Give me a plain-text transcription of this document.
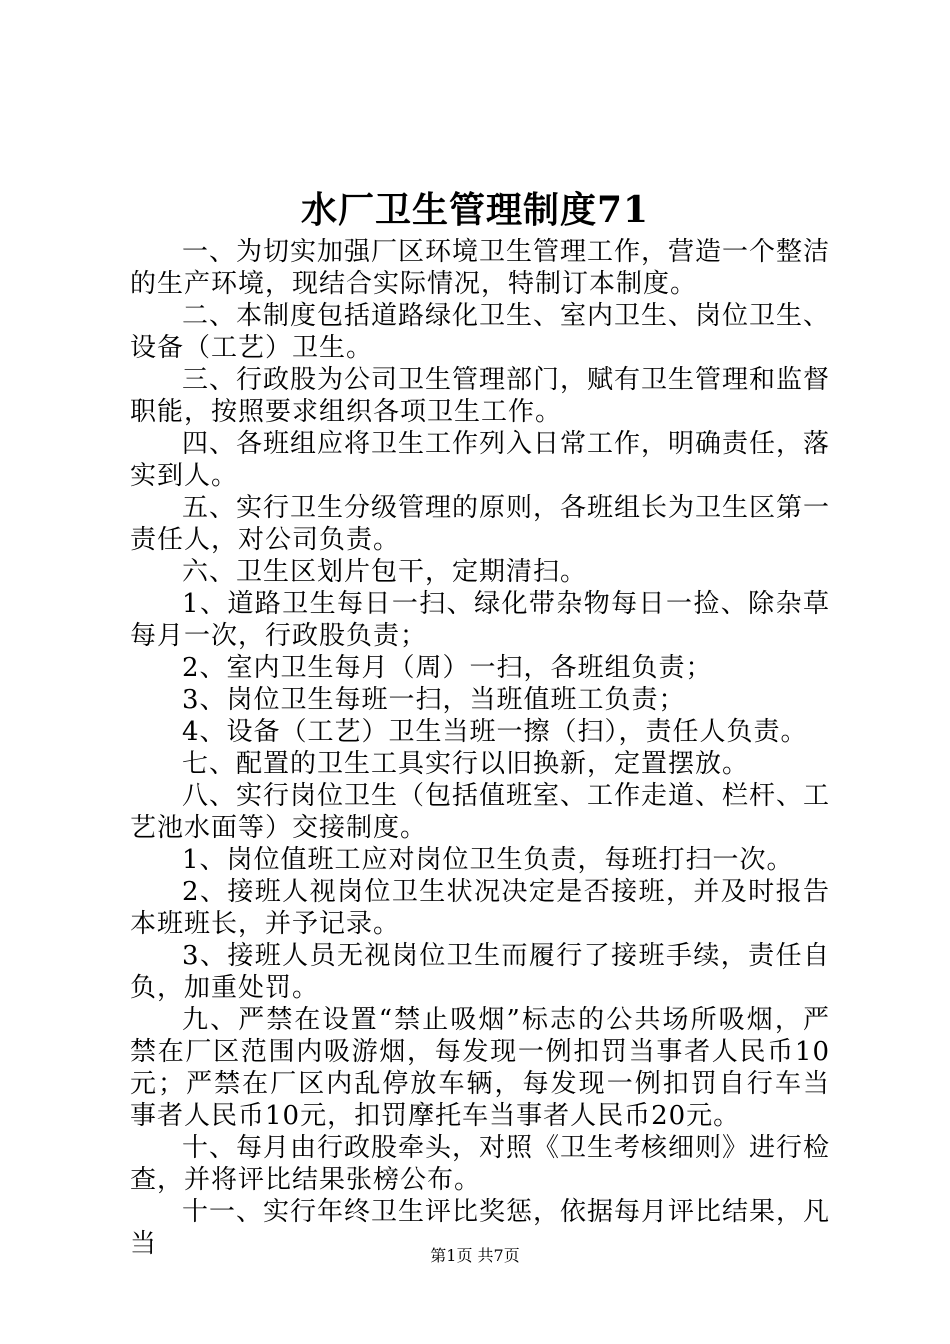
水厂卫生管理制度71

一、为切实加强厂区环境卫生管理工作，营造一个整洁的生产环境，现结合实际情况，特制订本制度。

二、本制度包括道路绿化卫生、室内卫生、岗位卫生、设备（工艺）卫生。

三、行政股为公司卫生管理部门，赋有卫生管理和监督职能，按照要求组织各项卫生工作。

四、各班组应将卫生工作列入日常工作，明确责任，落实到人。

五、实行卫生分级管理的原则，各班组长为卫生区第一责任人，对公司负责。

六、卫生区划片包干，定期清扫。

1、道路卫生每日一扫、绿化带杂物每日一捡、除杂草每月一次，行政股负责；

2、室内卫生每月（周）一扫，各班组负责；

3、岗位卫生每班一扫，当班值班工负责；

4、设备（工艺）卫生当班一擦（扫），责任人负责。

七、配置的卫生工具实行以旧换新，定置摆放。

八、实行岗位卫生（包括值班室、工作走道、栏杆、工艺池水面等）交接制度。

1、岗位值班工应对岗位卫生负责，每班打扫一次。

2、接班人视岗位卫生状况决定是否接班，并及时报告本班班长，并予记录。

3、接班人员无视岗位卫生而履行了接班手续，责任自负，加重处罚。

九、严禁在设置“禁止吸烟”标志的公共场所吸烟，严禁在厂区范围内吸游烟，每发现一例扣罚当事者人民币10元；严禁在厂区内乱停放车辆，每发现一例扣罚自行车当事者人民币10元，扣罚摩托车当事者人民币20元。

十、每月由行政股牵头，对照《卫生考核细则》进行检查，并将评比结果张榜公布。

十一、实行年终卫生评比奖惩，依据每月评比结果，凡当	第1页 共7页
